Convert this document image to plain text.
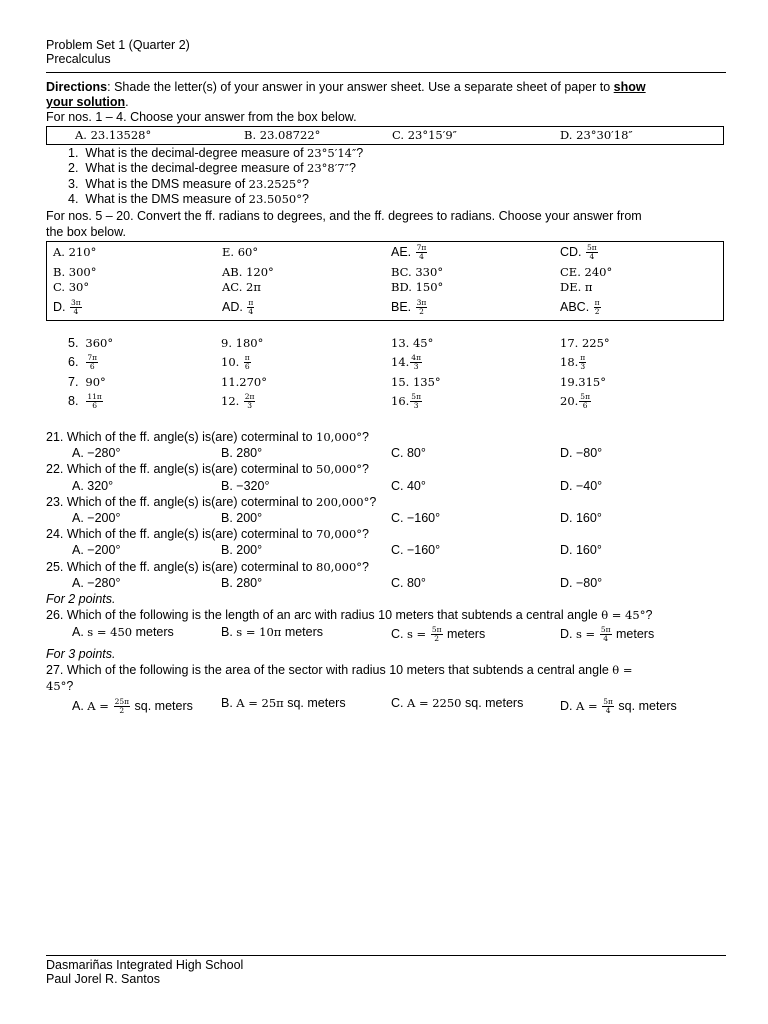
Problem Set 1 (Quarter 2)
Precalculus
Directions: Shade the letter(s) of your answer in your answer sheet. Use a separate sheet of paper to show
your solution.
For nos. 1 – 4. Choose your answer from the box below.
A. 23.13528°	B. 23.08722°	C. 23°15′9″	D. 23°30′18″
1. What is the decimal-degree measure of 23°5′14″?
2. What is the decimal-degree measure of 23°8′7″?
3. What is the DMS measure of 23.2525°?
4. What is the DMS measure of 23.5050°?
For nos. 5 – 20. Convert the ff. radians to degrees, and the ff. degrees to radians. Choose your answer from
the box below.
A. 210°	E. 60°	AE. $\frac{7\pi}{4}$	CD. $\frac{5\pi}{4}$
B. 300°	AB. 120°	BC. 330°	CE. 240°
C. 30°	AC. 2π	BD. 150°	DE. π
D. $\frac{3\pi}{4}$	AD. $\frac{\pi}{4}$	BE. $\frac{3\pi}{2}$	ABC. $\frac{\pi}{2}$
5. 360°
6. $\frac{7\pi}{6}$
7. 90°
8. $\frac{11\pi}{6}$
9. 180°
10. $\frac{\pi}{6}$
11.270°
12. $\frac{2\pi}{3}$
13. 45°
14. $\frac{4\pi}{3}$
15. 135°
16. $\frac{5\pi}{3}$
17. 225°
18. $\frac{\pi}{3}$
19.315°
20. $\frac{5\pi}{6}$
21. Which of the ff. angle(s) is(are) coterminal to 10,000°?
A. −280°	B. 280°	C. 80°	D. −80°
22. Which of the ff. angle(s) is(are) coterminal to 50,000°?
A. 320°	B. −320°	C. 40°	D. −40°
23. Which of the ff. angle(s) is(are) coterminal to 200,000°?
A. −200°	B. 200°	C. −160°	D. 160°
24. Which of the ff. angle(s) is(are) coterminal to 70,000°?
A. −200°	B. 200°	C. −160°	D. 160°
25. Which of the ff. angle(s) is(are) coterminal to 80,000°?
A. −280°	B. 280°	C. 80°	D. −80°
For 2 points.
26. Which of the following is the length of an arc with radius 10 meters that subtends a central angle θ = 45°?
A. s = 450 meters	B. s = 10π meters	C. $s = \frac{5\pi}{2}$ meters	D. $s = \frac{5\pi}{4}$ meters
For 3 points.
27. Which of the following is the area of the sector with radius 10 meters that subtends a central angle θ =
45°?
A. $A = \frac{25\pi}{2}$ sq. meters B. A = 25π sq. meters	C. A = 2250 sq. meters	D. $A = \frac{5\pi}{4}$ sq. meters
Dasmariñas Integrated High School
Paul Jorel R. Santos
